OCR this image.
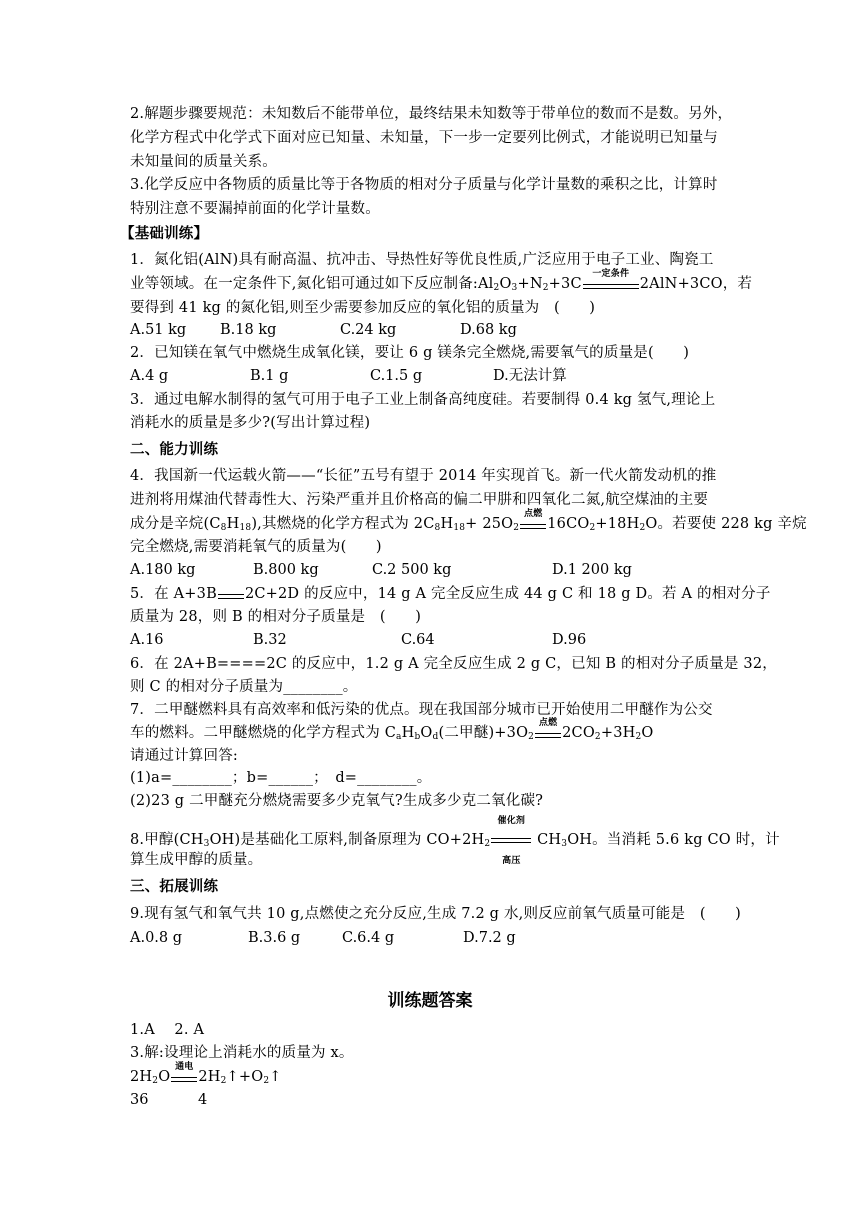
2.解题步骤要规范：未知数后不能带单位，最终结果未知数等于带单位的数而不是数。另外，
化学方程式中化学式下面对应已知量、未知量，下一步一定要列比例式，才能说明已知量与
未知量间的质量关系。
3.化学反应中各物质的质量比等于各物质的相对分子质量与化学计量数的乘积之比，计算时
特别注意不要漏掉前面的化学计量数。
【基础训练】
1．氮化铝(AlN)具有耐高温、抗冲击、导热性好等优良性质,广泛应用于电子工业、陶瓷工
业等领域。在一定条件下,氮化铝可通过如下反应制备$:Al_2O_3+N_2+3C$
一定条件
2AlN+3CO，若
要得到 41 kg 的氮化铝,则至少需要参加反应的氧化铝的质量为　(　　)
A.51 kg B.18 kg	C.24 kg	D.68 kg
2．已知镁在氧气中燃烧生成氧化镁，要让 6 g 镁条完全燃烧,需要氧气的质量是(　　)
A.4 g	B.1 g	C.1.5 g	D.无法计算
3．通过电解水制得的氢气可用于电子工业上制备高纯度硅。若要制得 0.4 kg 氢气,理论上
消耗水的质量是多少?(写出计算过程)
二、能力训练
4．我国新一代运载火箭——“长征”五号有望于 2014 年实现首飞。新一代火箭发动机的推
进剂将用煤油代替毒性大、污染严重并且价格高的偏二甲肼和四氧化二氮,航空煤油的主要
成分是辛烷$(C_8H_{18})$,其燃烧的化学方程式为 $2C_8H_{18}+ 25O_2$
点燃
$16CO_2+18H_2O$。若要使 228 kg 辛烷
完全燃烧,需要消耗氧气的质量为(　　)
A.180 kg	B.800 kg	C.2 500 kg	D.1 200 kg
5．在 A+3B 2C+2D 的反应中，14 g A 完全反应生成 44 g C 和 18 g D。若 A 的相对分子
质量为 28，则 B 的相对分子质量是　(　　)
A.16	B.32	C.64	D.96
6．在 2A+B====2C 的反应中，1.2 g A 完全反应生成 2 g C，已知 B 的相对分子质量是 32，
则 C 的相对分子质量为________。
7．二甲醚燃料具有高效率和低污染的优点。现在我国部分城市已开始使用二甲醚作为公交
车的燃料。二甲醚燃烧的化学方程式为 $C_aH_bO_d$(二甲醚)$+3O_2$
点燃
$2CO_2+3H_2O$
请通过计算回答:
(1)a=________；b=______；　d=________。
(2)23 g 二甲醚充分燃烧需要多少克氧气?生成多少克二氧化碳?
8.甲醇$(CH_3OH)$是基础化工原料,制备原理为 $CO+2H_2$
催化剂
高压
$CH_3OH$。当消耗 5.6 kg CO 时，计
算生成甲醇的质量。
三、拓展训练
9.现有氢气和氧气共 10 g,点燃使之充分反应,生成 7.2 g 水,则反应前氧气质量可能是　(　　)
A.0.8 g	B.3.6 g	C.6.4 g	D.7.2 g
训练题答案
1.A　 2. A
3.解:设理论上消耗水的质量为 x。
$2H_2O$
通电
$2H_2↑+O_2↑$
36	4
